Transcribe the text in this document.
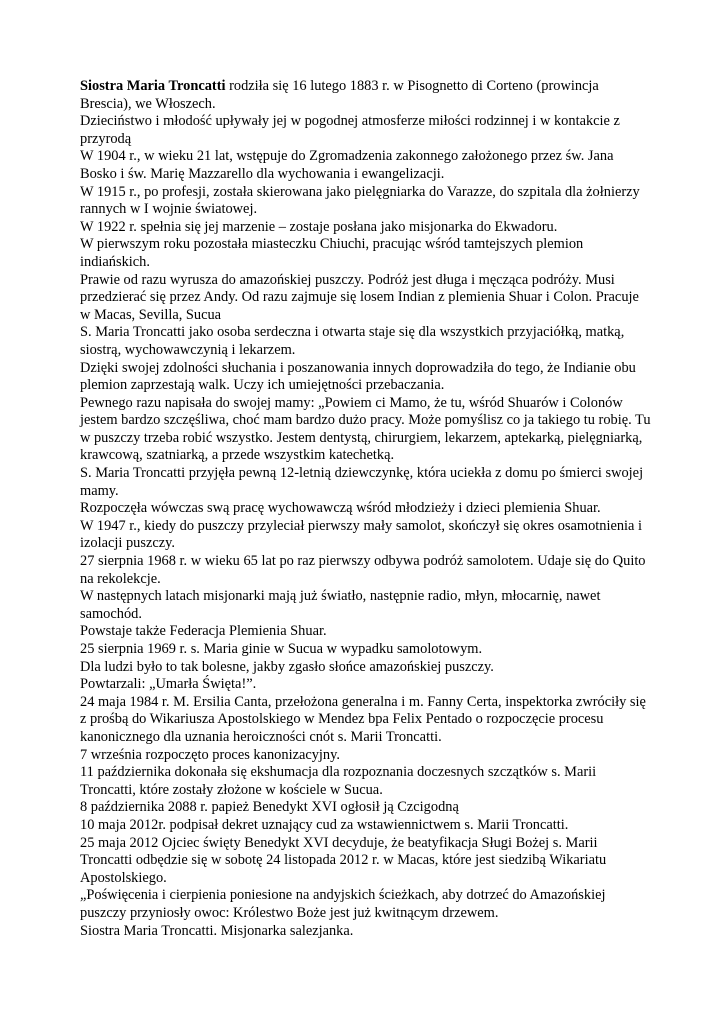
Siostra Maria Troncatti rodziła się 16 lutego 1883 r. w Pisognetto di Corteno (prowincja Brescia), we Włoszech.

Dzieciństwo i młodość upływały jej w pogodnej atmosferze miłości rodzinnej i w kontakcie z przyrodą

W 1904 r., w wieku 21 lat, wstępuje do Zgromadzenia zakonnego założonego przez św. Jana Bosko i św. Marię Mazzarello dla wychowania i ewangelizacji.

W 1915 r., po profesji, została skierowana jako pielęgniarka do Varazze, do szpitala dla żołnierzy rannych w I wojnie światowej.

W 1922 r. spełnia się jej marzenie – zostaje posłana jako misjonarka do Ekwadoru.

W pierwszym roku pozostała miasteczku Chiuchi, pracując wśród tamtejszych plemion indiańskich.

Prawie od razu wyrusza do amazońskiej puszczy. Podróż jest długa i męcząca podróży. Musi przedzierać się przez Andy. Od razu zajmuje się losem Indian z plemienia Shuar i Colon. Pracuje w Macas, Sevilla, Sucua

S. Maria Troncatti jako osoba serdeczna i otwarta staje się dla wszystkich przyjaciółką, matką, siostrą, wychowawczynią i lekarzem.

Dzięki swojej zdolności słuchania i poszanowania innych doprowadziła do tego, że Indianie obu plemion zaprzestają walk. Uczy ich umiejętności przebaczania.

Pewnego razu napisała do swojej mamy: „Powiem ci Mamo, że tu, wśród Shuarów i Colonów jestem bardzo szczęśliwa, choć mam bardzo dużo pracy. Może pomyślisz co ja takiego tu robię. Tu w puszczy trzeba robić wszystko. Jestem dentystą, chirurgiem, lekarzem, aptekarką, pielęgniarką, krawcową, szatniarką, a przede wszystkim katechetką.

S. Maria Troncatti przyjęła pewną 12-letnią dziewczynkę, która uciekła z domu po śmierci swojej mamy.

Rozpoczęła wówczas swą pracę wychowawczą wśród młodzieży i dzieci plemienia Shuar.

W 1947 r., kiedy do puszczy przyleciał pierwszy mały samolot, skończył się okres osamotnienia i izolacji puszczy.

27 sierpnia 1968 r. w wieku 65 lat po raz pierwszy odbywa podróż samolotem. Udaje się do Quito na rekolekcje.

W następnych latach misjonarki mają już światło, następnie radio, młyn, młocarnię, nawet samochód.

Powstaje także Federacja Plemienia Shuar.

25 sierpnia 1969 r. s. Maria ginie w Sucua w wypadku samolotowym.

Dla ludzi było to tak bolesne, jakby zgasło słońce amazońskiej puszczy.

Powtarzali: „Umarła Święta!”.

24 maja 1984 r. M. Ersilia Canta, przełożona generalna i m. Fanny Certa, inspektorka zwróciły się z prośbą do Wikariusza Apostolskiego w Mendez bpa Felix Pentado o rozpoczęcie procesu kanonicznego dla uznania heroiczności cnót s. Marii Troncatti.

7 września rozpoczęto proces kanonizacyjny.

11 października dokonała się ekshumacja dla rozpoznania doczesnych szczątków s. Marii Troncatti, które zostały złożone w kościele w Sucua.

8 października 2088 r. papież Benedykt XVI ogłosił ją Czcigodną

10 maja 2012r. podpisał dekret uznający cud za wstawiennictwem s. Marii Troncatti.

25 maja 2012 Ojciec święty Benedykt XVI decyduje, że beatyfikacja Sługi Bożej s. Marii Troncatti odbędzie się w sobotę 24 listopada 2012 r. w Macas, które jest siedzibą Wikariatu Apostolskiego.

„Poświęcenia i cierpienia poniesione na andyjskich ścieżkach, aby dotrzeć do Amazońskiej puszczy przyniosły owoc: Królestwo Boże jest już kwitnącym drzewem.

Siostra Maria Troncatti. Misjonarka salezjanka.
